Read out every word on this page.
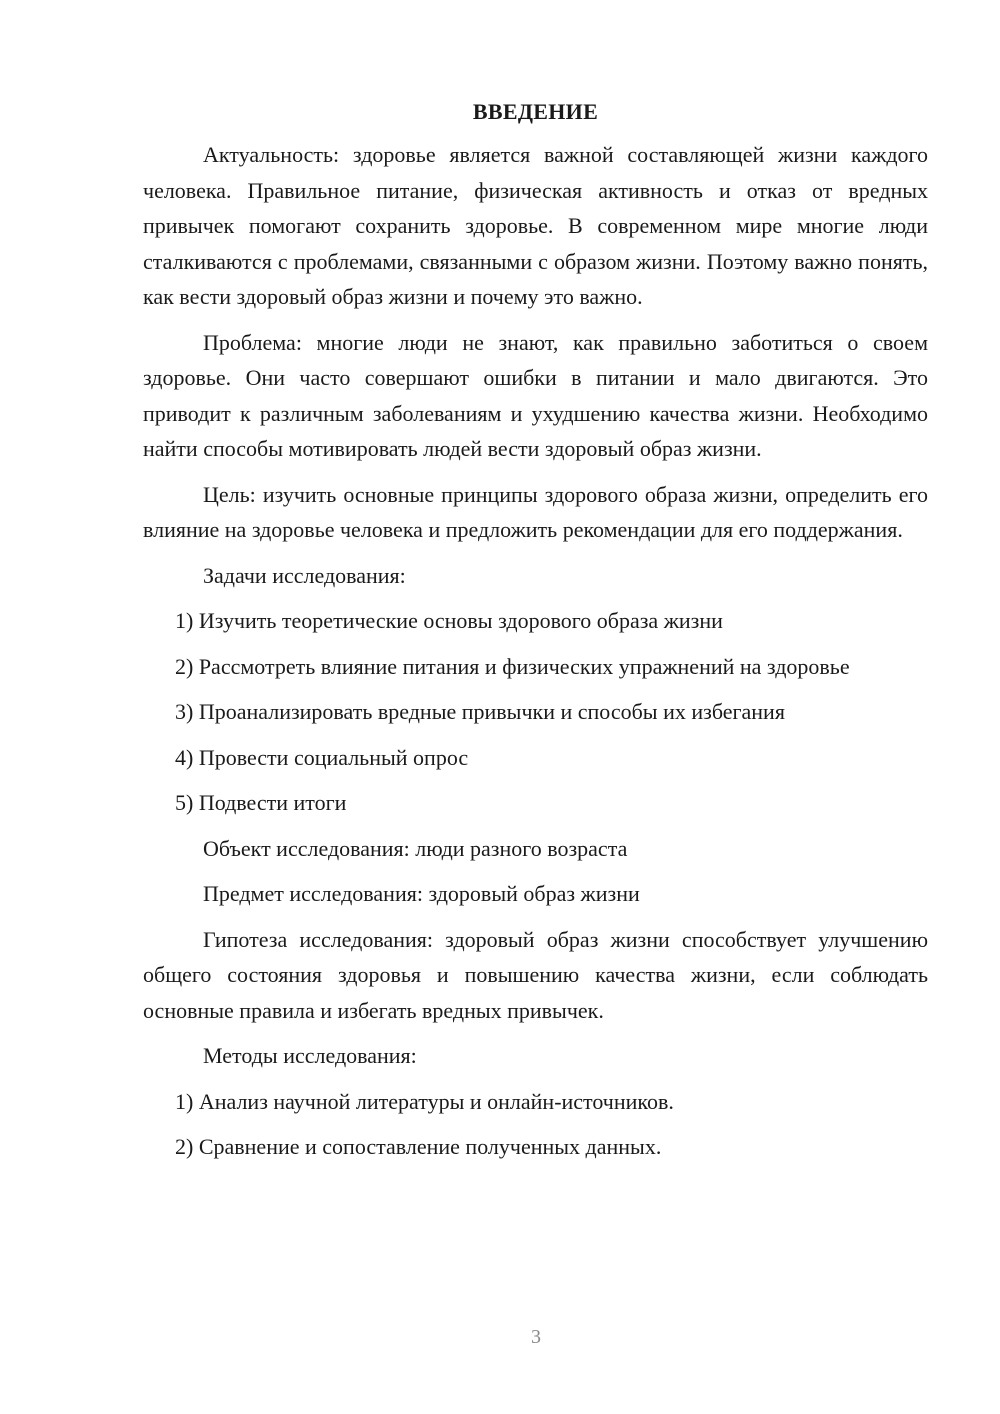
ВВЕДЕНИЕ

Актуальность: здоровье является важной составляющей жизни каждого человека. Правильное питание, физическая активность и отказ от вредных привычек помогают сохранить здоровье. В современном мире многие люди сталкиваются с проблемами, связанными с образом жизни. Поэтому важно понять, как вести здоровый образ жизни и почему это важно.

Проблема: многие люди не знают, как правильно заботиться о своем здоровье. Они часто совершают ошибки в питании и мало двигаются. Это приводит к различным заболеваниям и ухудшению качества жизни. Необходимо найти способы мотивировать людей вести здоровый образ жизни.

Цель: изучить основные принципы здорового образа жизни, определить его влияние на здоровье человека и предложить рекомендации для его поддержания.

Задачи исследования:

1) Изучить теоретические основы здорового образа жизни

2) Рассмотреть влияние питания и физических упражнений на здоровье

3) Проанализировать вредные привычки и способы их избегания

4) Провести социальный опрос

5) Подвести итоги

Объект исследования: люди разного возраста

Предмет исследования: здоровый образ жизни

Гипотеза исследования: здоровый образ жизни способствует улучшению общего состояния здоровья и повышению качества жизни, если соблюдать основные правила и избегать вредных привычек.

Методы исследования:

1) Анализ научной литературы и онлайн-источников.

2) Сравнение и сопоставление полученных данных.

3
